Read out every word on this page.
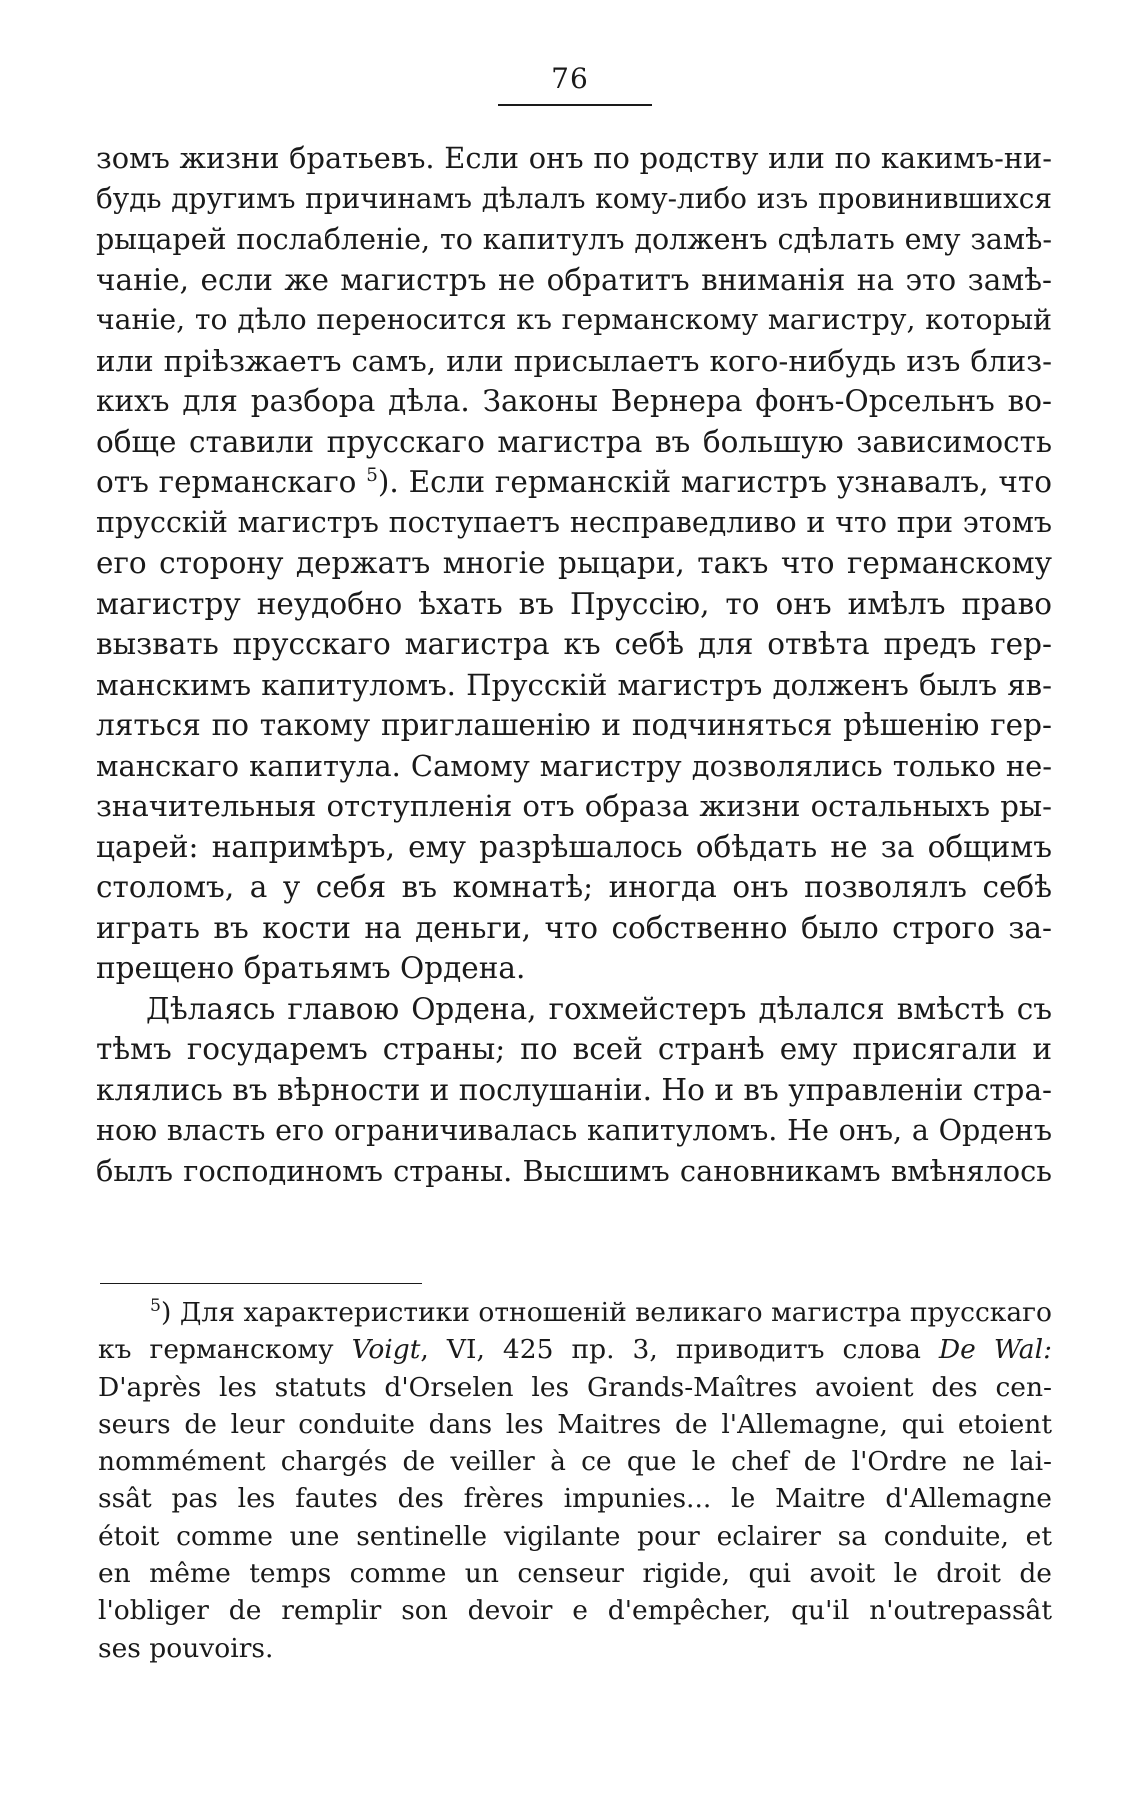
76
зомъ жизни братьевъ. Если онъ по родству или по какимъ-ни-
будь другимъ причинамъ дѣлалъ кому-либо изъ провинившихся
рыцарей послабленіе, то капитулъ долженъ сдѣлать ему замѣ-
чаніе, если же магистръ не обратитъ вниманія на это замѣ-
чаніе, то дѣло переносится къ германскому магистру, который
или пріѣзжаетъ самъ, или присылаетъ кого-нибудь изъ близ-
кихъ для разбора дѣла. Законы Вернера фонъ-Орсельнъ во-
обще ставили прусскаго магистра въ большую зависимость
отъ германскаго $^5$). Если германскій магистръ узнавалъ, что
прусскій магистръ поступаетъ несправедливо и что при этомъ
его сторону держатъ многіе рыцари, такъ что германскому
магистру неудобно ѣхать въ Пруссію, то онъ имѣлъ право
вызвать прусскаго магистра къ себѣ для отвѣта предъ гер-
манскимъ капитуломъ. Прусскій магистръ долженъ былъ яв-
ляться по такому приглашенію и подчиняться рѣшенію гер-
манскаго капитула. Самому магистру дозволялись только не-
значительныя отступленія отъ образа жизни остальныхъ ры-
царей: напримѣръ, ему разрѣшалось обѣдать не за общимъ
столомъ, а у себя въ комнатѣ; иногда онъ позволялъ себѣ
играть въ кости на деньги, что собственно было строго за-
прещено братьямъ Ордена.
Дѣлаясь главою Ордена, гохмейстеръ дѣлался вмѣстѣ съ
тѣмъ государемъ страны; по всей странѣ ему присягали и
клялись въ вѣрности и послушаніи. Но и въ управленіи стра-
ною власть его ограничивалась капитуломъ. Не онъ, а Орденъ
былъ господиномъ страны. Высшимъ сановникамъ вмѣнялось
$^5$) Для характеристики отношеній великаго магистра прусскаго
къ германскому Voigt, VI, 425 пр. 3, приводитъ слова De Wal:
D'après les statuts d'Orselen les Grands-Maîtres avoient des cen-
seurs de leur conduite dans les Maitres de l'Allemagne, qui etoient
nommément chargés de veiller à ce que le chef de l'Ordre ne lai-
ssât pas les fautes des frères impunies... le Maitre d'Allemagne
étoit comme une sentinelle vigilante pour eclairer sa conduite, et
en même temps comme un censeur rigide, qui avoit le droit de
l'obliger de remplir son devoir e d'empêcher, qu'il n'outrepassât
ses pouvoirs.
